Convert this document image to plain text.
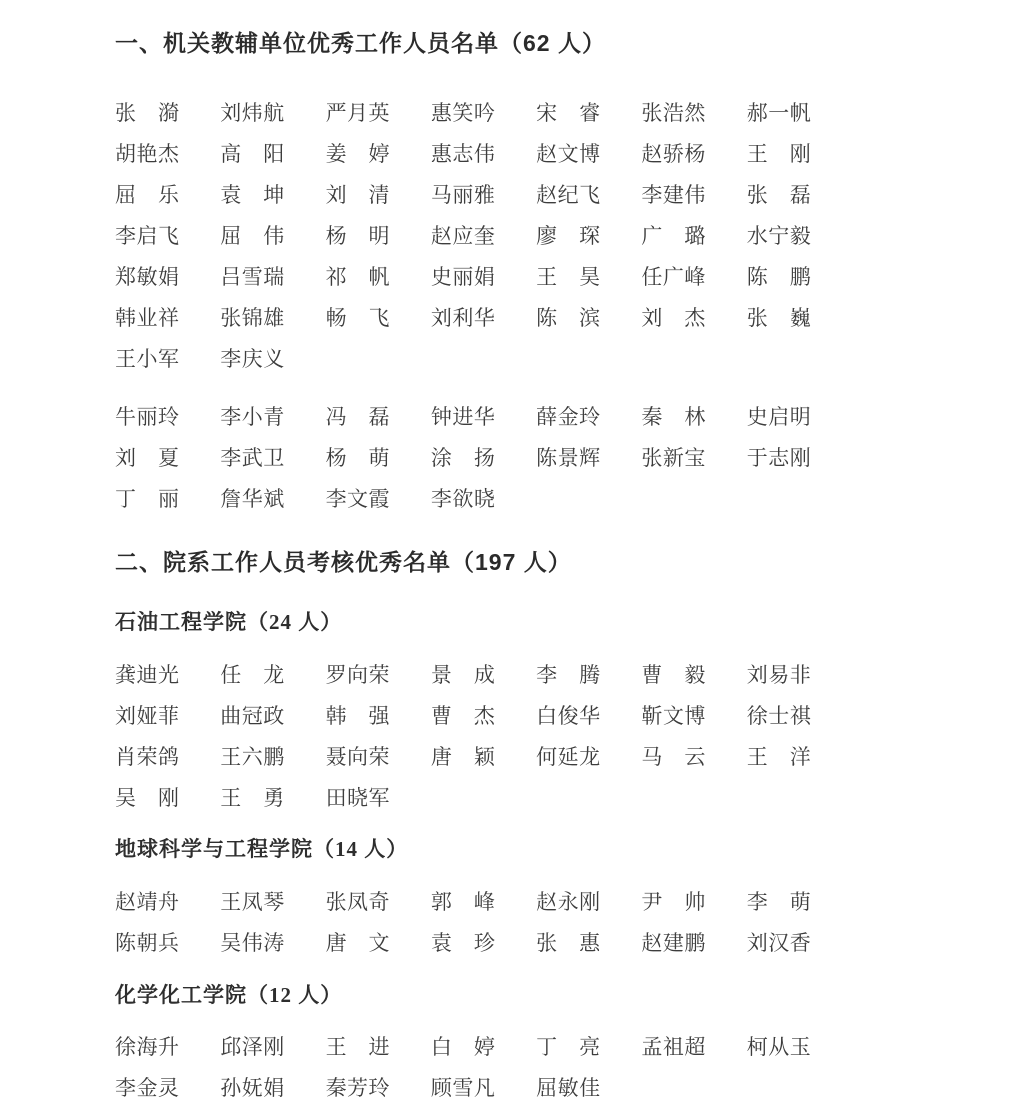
一、机关教辅单位优秀工作人员名单（62 人）
张　漪	刘炜航	严月英	惠笑吟	宋　睿	张浩然	郝一帆
胡艳杰	高　阳	姜　婷	惠志伟	赵文博	赵骄杨	王　刚
屈　乐	袁　坤	刘　清	马丽雅	赵纪飞	李建伟	张　磊
李启飞	屈　伟	杨　明	赵应奎	廖　琛	广　璐	水宁毅
郑敏娟	吕雪瑞	祁　帆	史丽娟	王　昊	任广峰	陈　鹏
韩业祥	张锦雄	畅　飞	刘利华	陈　滨	刘　杰	张　巍
王小军	李庆义
牛丽玲	李小青	冯　磊	钟进华	薛金玲	秦　林	史启明
刘　夏	李武卫	杨　萌	涂　扬	陈景辉	张新宝	于志刚
丁　丽	詹华斌	李文霞	李欲晓
二、院系工作人员考核优秀名单（197 人）
石油工程学院（24 人）
龚迪光	任　龙	罗向荣	景　成	李　腾	曹　毅	刘易非
刘娅菲	曲冠政	韩　强	曹　杰	白俊华	靳文博	徐士祺
肖荣鸽	王六鹏	聂向荣	唐　颖	何延龙	马　云	王　洋
吴　刚	王　勇	田晓军
地球科学与工程学院（14 人）
赵靖舟	王凤琴	张凤奇	郭　峰	赵永刚	尹　帅	李　萌
陈朝兵	吴伟涛	唐　文	袁　珍	张　惠	赵建鹏	刘汉香
化学化工学院（12 人）
徐海升	邱泽刚	王　进	白　婷	丁　亮	孟祖超	柯从玉
李金灵	孙妩娟	秦芳玲	顾雪凡	屈敏佳
